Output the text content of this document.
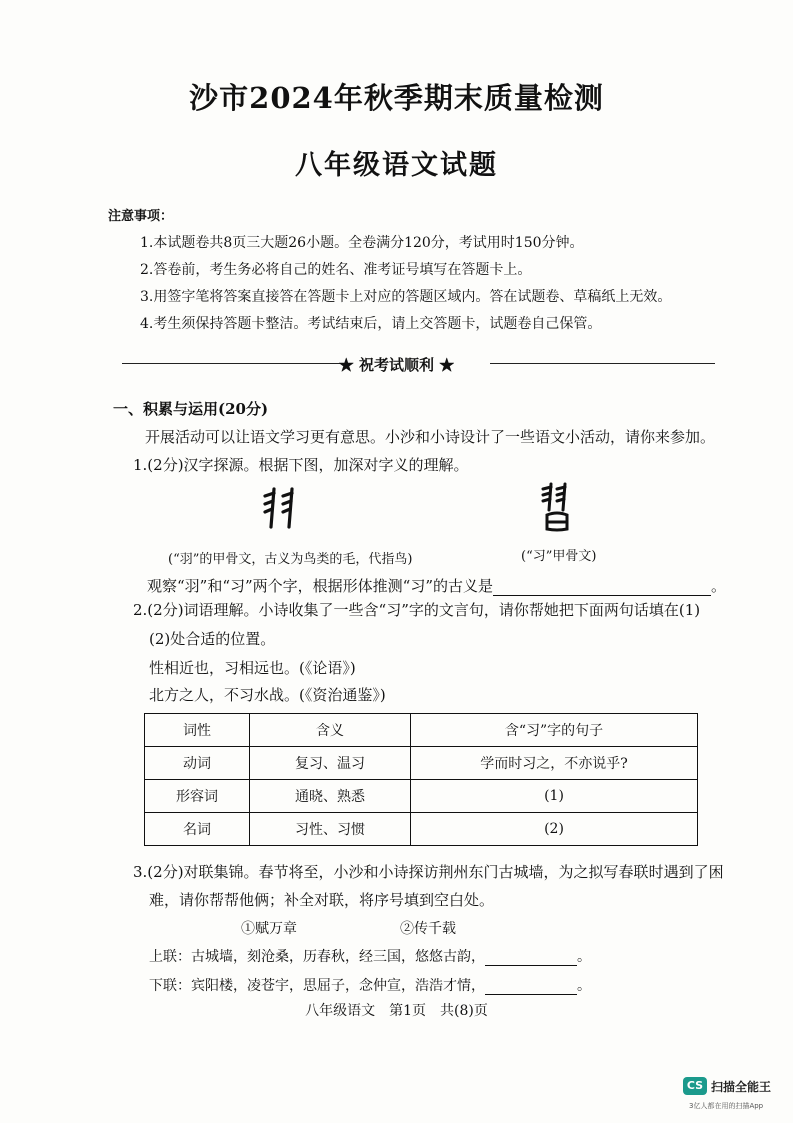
沙市2024年秋季期末质量检测
八年级语文试题
注意事项：
1.本试题卷共8页三大题26小题。全卷满分120分，考试用时150分钟。
2.答卷前，考生务必将自己的姓名、准考证号填写在答题卡上。
3.用签字笔将答案直接答在答题卡上对应的答题区域内。答在试题卷、草稿纸上无效。
4.考生须保持答题卡整洁。考试结束后，请上交答题卡，试题卷自己保管。
★ 祝考试顺利 ★
一、积累与运用(20分)
开展活动可以让语文学习更有意思。小沙和小诗设计了一些语文小活动，请你来参加。
1.(2分)汉字探源。根据下图，加深对字义的理解。
(“羽”的甲骨文，古义为鸟类的毛，代指鸟)	(“习”甲骨文)
观察“羽”和“习”两个字，根据形体推测“习”的古义是	。
2.(2分)词语理解。小诗收集了一些含“习”字的文言句，请你帮她把下面两句话填在(1)
(2)处合适的位置。
性相近也，习相远也。(《论语》)
北方之人，不习水战。(《资治通鉴》)
词性	含义	含“习”字的句子
动词	复习、温习	学而时习之，不亦说乎?
形容词	通晓、熟悉	(1)
名词	习性、习惯	(2)
3.(2分)对联集锦。春节将至，小沙和小诗探访荆州东门古城墙，为之拟写春联时遇到了困
难，请你帮帮他俩；补全对联，将序号填到空白处。
①赋万章	②传千载
上联：古城墙，刻沧桑，历春秋，经三国，悠悠古韵，	。
下联：宾阳楼，凌苍宇，思屈子，念仲宣，浩浩才情，	。
八年级语文　第1页　共(8)页
CS 扫描全能王
3亿人都在用的扫描App
